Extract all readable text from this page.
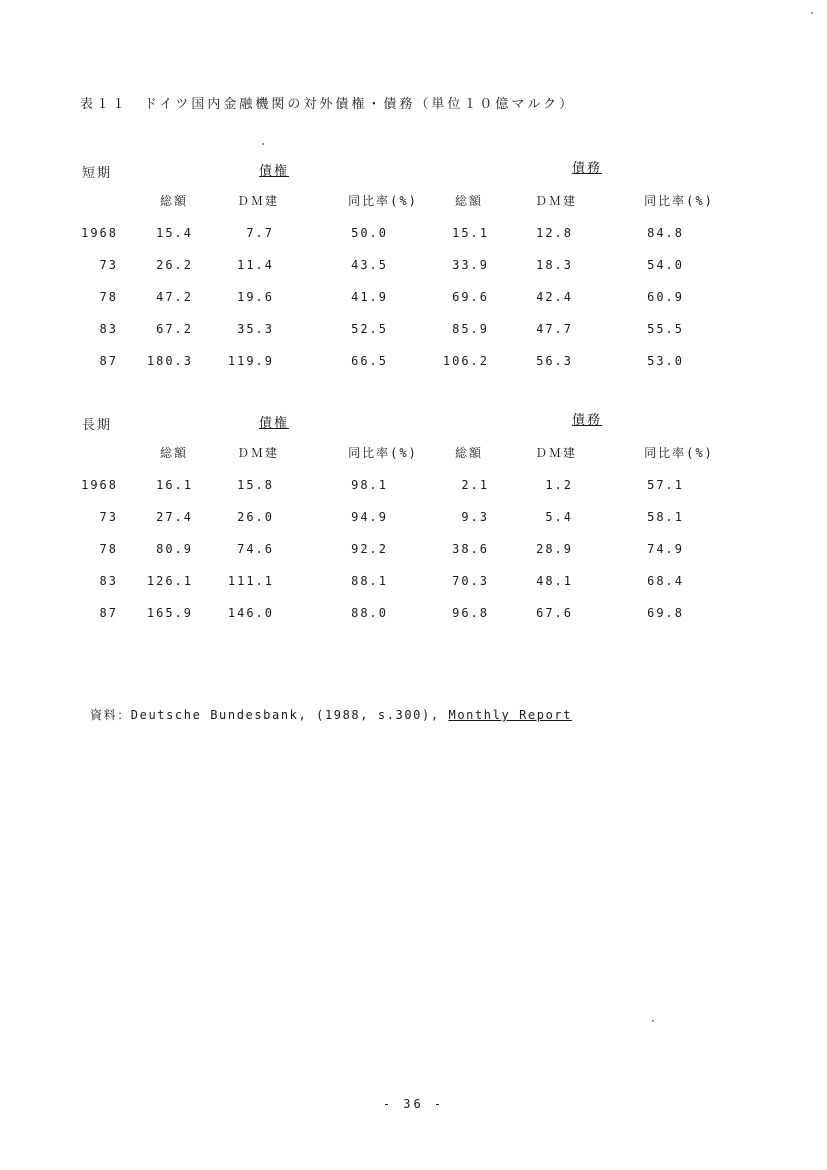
表１１　ドイツ国内金融機関の対外債権・債務（単位１０億マルク）
短期	債権	債務
総額	ＤＭ建	同比率(%)	総額	ＤＭ建	同比率(%)
1968	15.4	7.7	50.0	15.1	12.8	84.8
73	26.2	11.4	43.5	33.9	18.3	54.0
78	47.2	19.6	41.9	69.6	42.4	60.9
83	67.2	35.3	52.5	85.9	47.7	55.5
87 180.3	119.9	66.5	106.2	56.3	53.0
長期	債権	債務
総額	ＤＭ建	同比率(%)	総額	ＤＭ建	同比率(%)
1968	16.1	15.8	98.1	2.1	1.2	57.1
73	27.4	26.0	94.9	9.3	5.4	58.1
78	80.9	74.6	92.2	38.6	28.9	74.9
83 126.1	111.1	88.1	70.3	48.1	68.4
87 165.9	146.0	88.0	96.8	67.6	69.8
資料：Deutsche Bundesbank, (1988, s.300), Monthly Report
- 36 -
